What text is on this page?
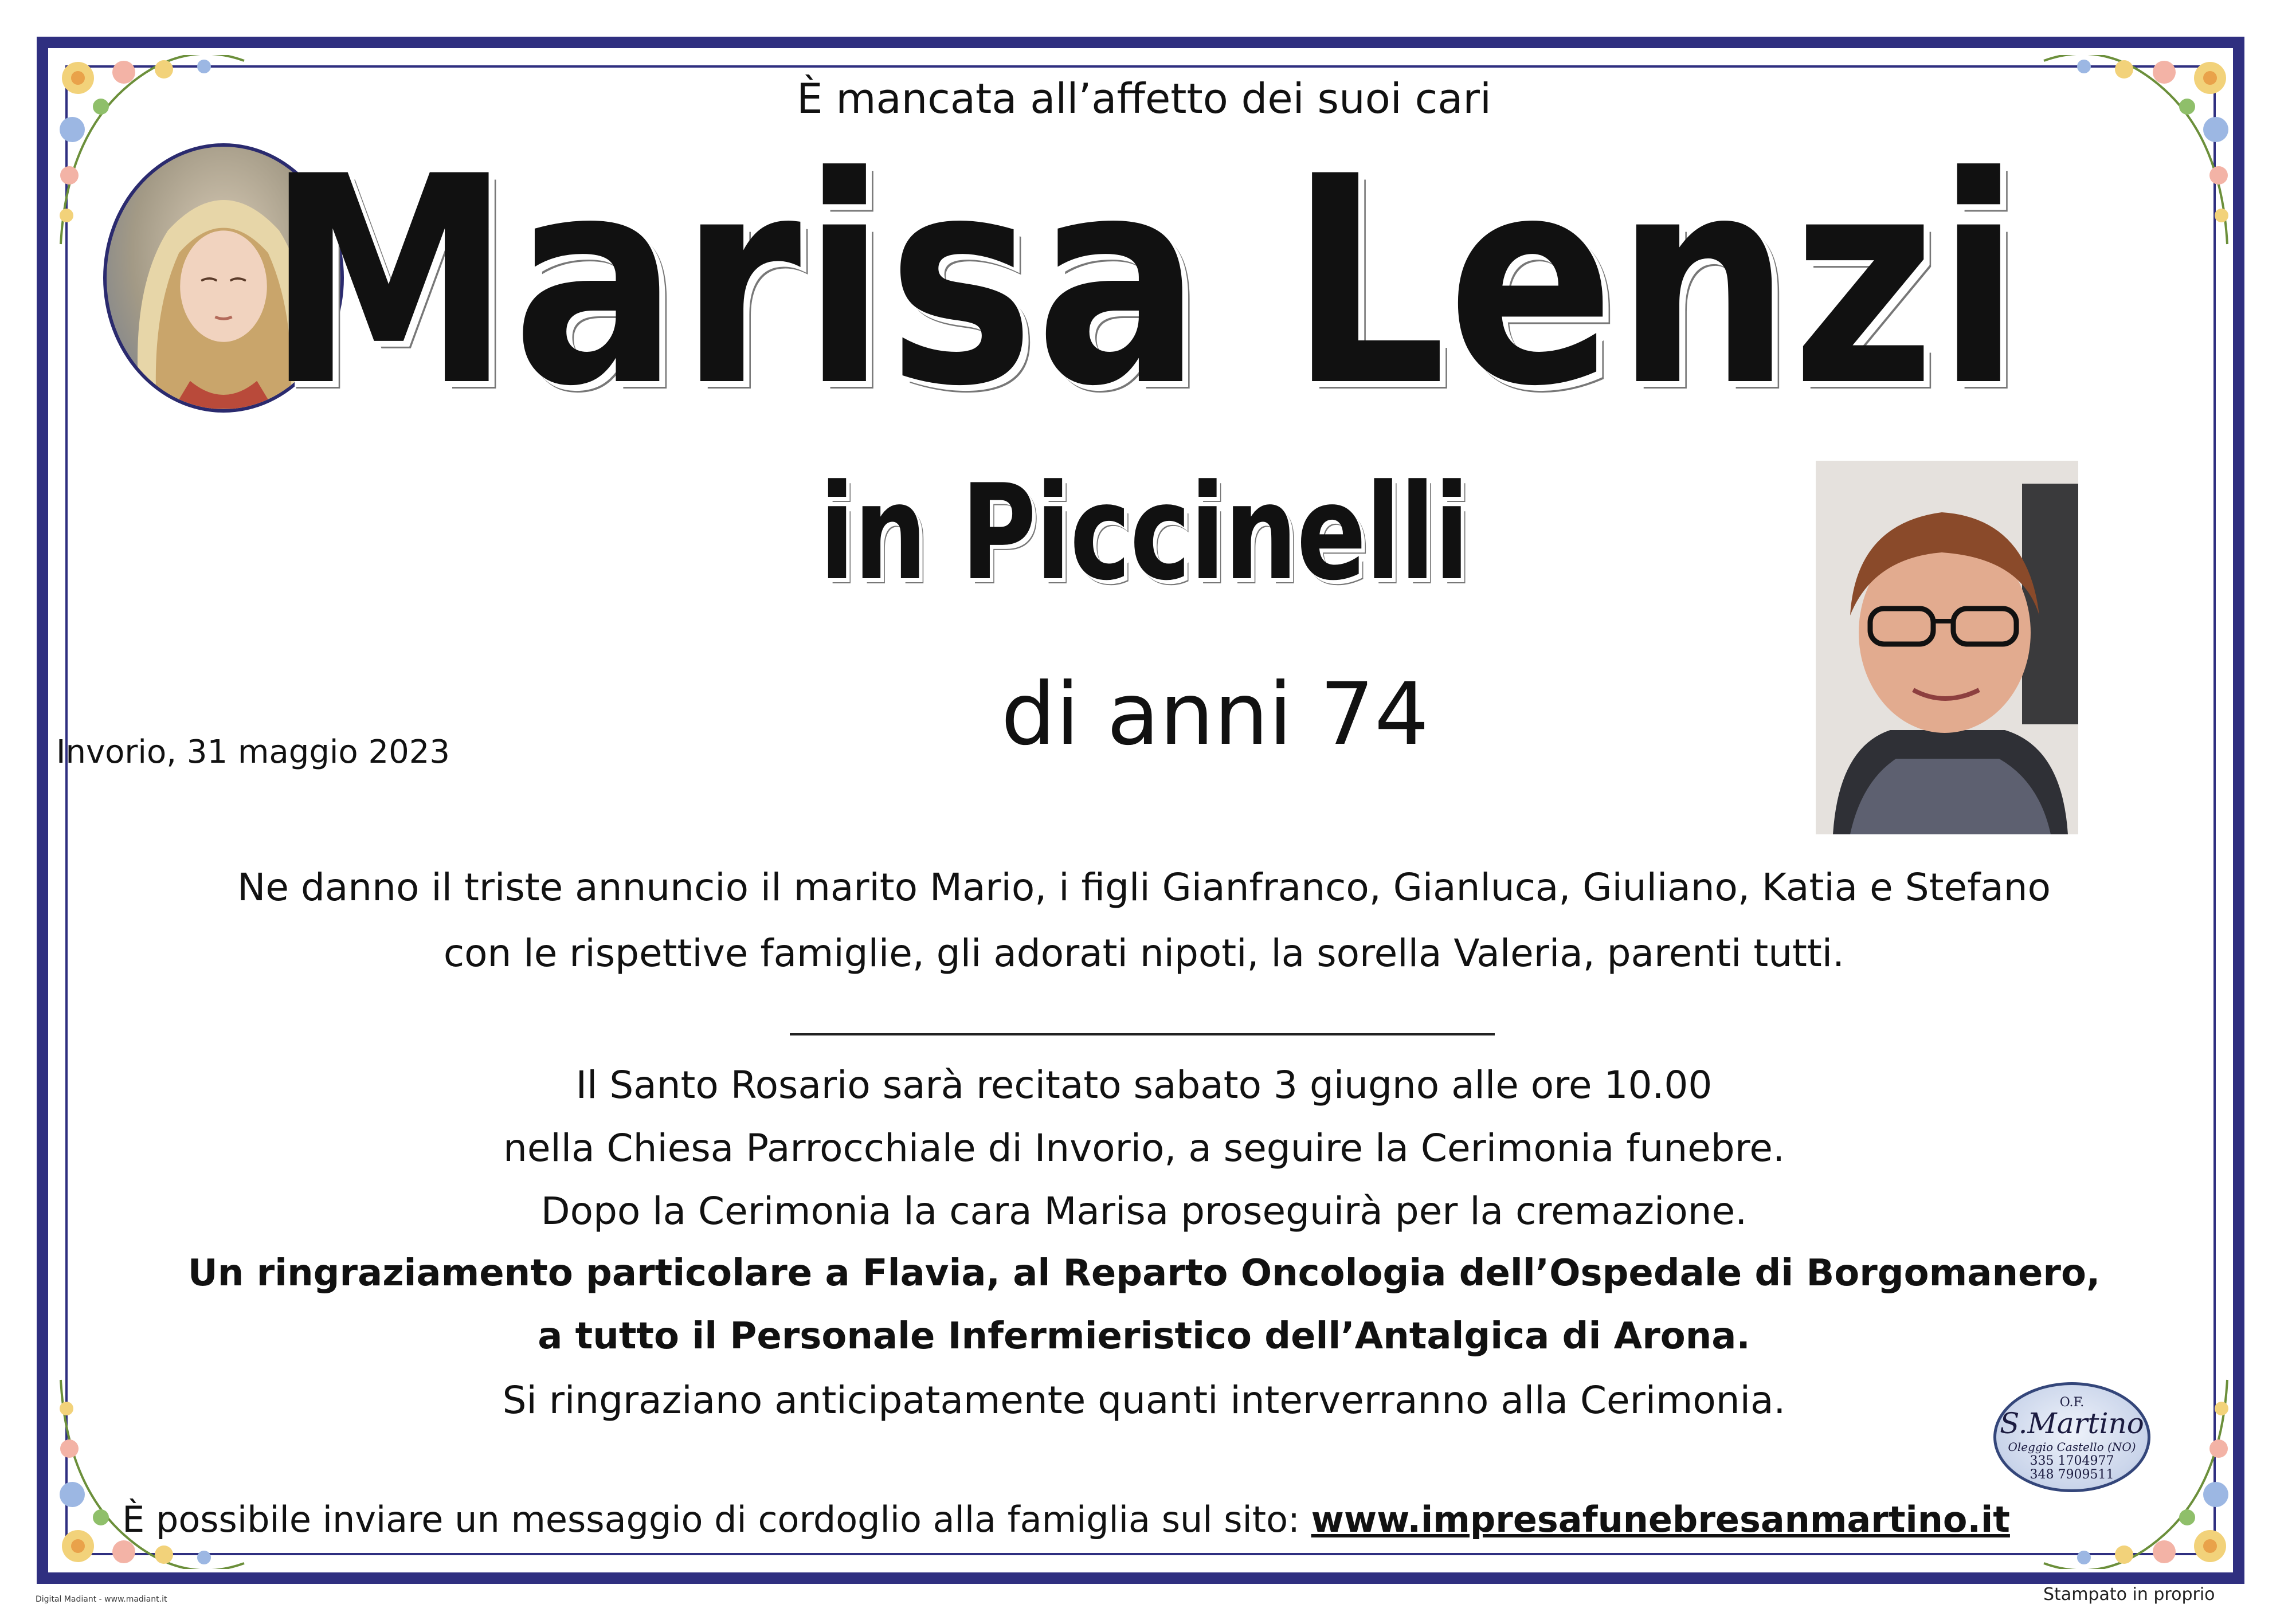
È mancata all’affetto dei suoi cari
Marisa Lenzi
in Piccinelli
di anni 74
Invorio, 31 maggio 2023
Ne danno il triste annuncio il marito Mario, i figli Gianfranco, Gianluca, Giuliano, Katia e Stefano
con le rispettive famiglie, gli adorati nipoti, la sorella Valeria, parenti tutti.
Il Santo Rosario sarà recitato sabato 3 giugno alle ore 10.00
nella Chiesa Parrocchiale di Invorio, a seguire la Cerimonia funebre.
Dopo la Cerimonia la cara Marisa proseguirà per la cremazione.
Un ringraziamento particolare a Flavia, al Reparto Oncologia dell’Ospedale di Borgomanero,
a tutto il Personale Infermieristico dell’Antalgica di Arona.
Si ringraziano anticipatamente quanti interverranno alla Cerimonia.	O.F.
S.Martino
Oleggio Castello (NO)
335 1704977
348 7909511
È possibile inviare un messaggio di cordoglio alla famiglia sul sito: www.impresafunebresanmartino.it
Digital Madiant - www.madiant.it	Stampato in proprio
